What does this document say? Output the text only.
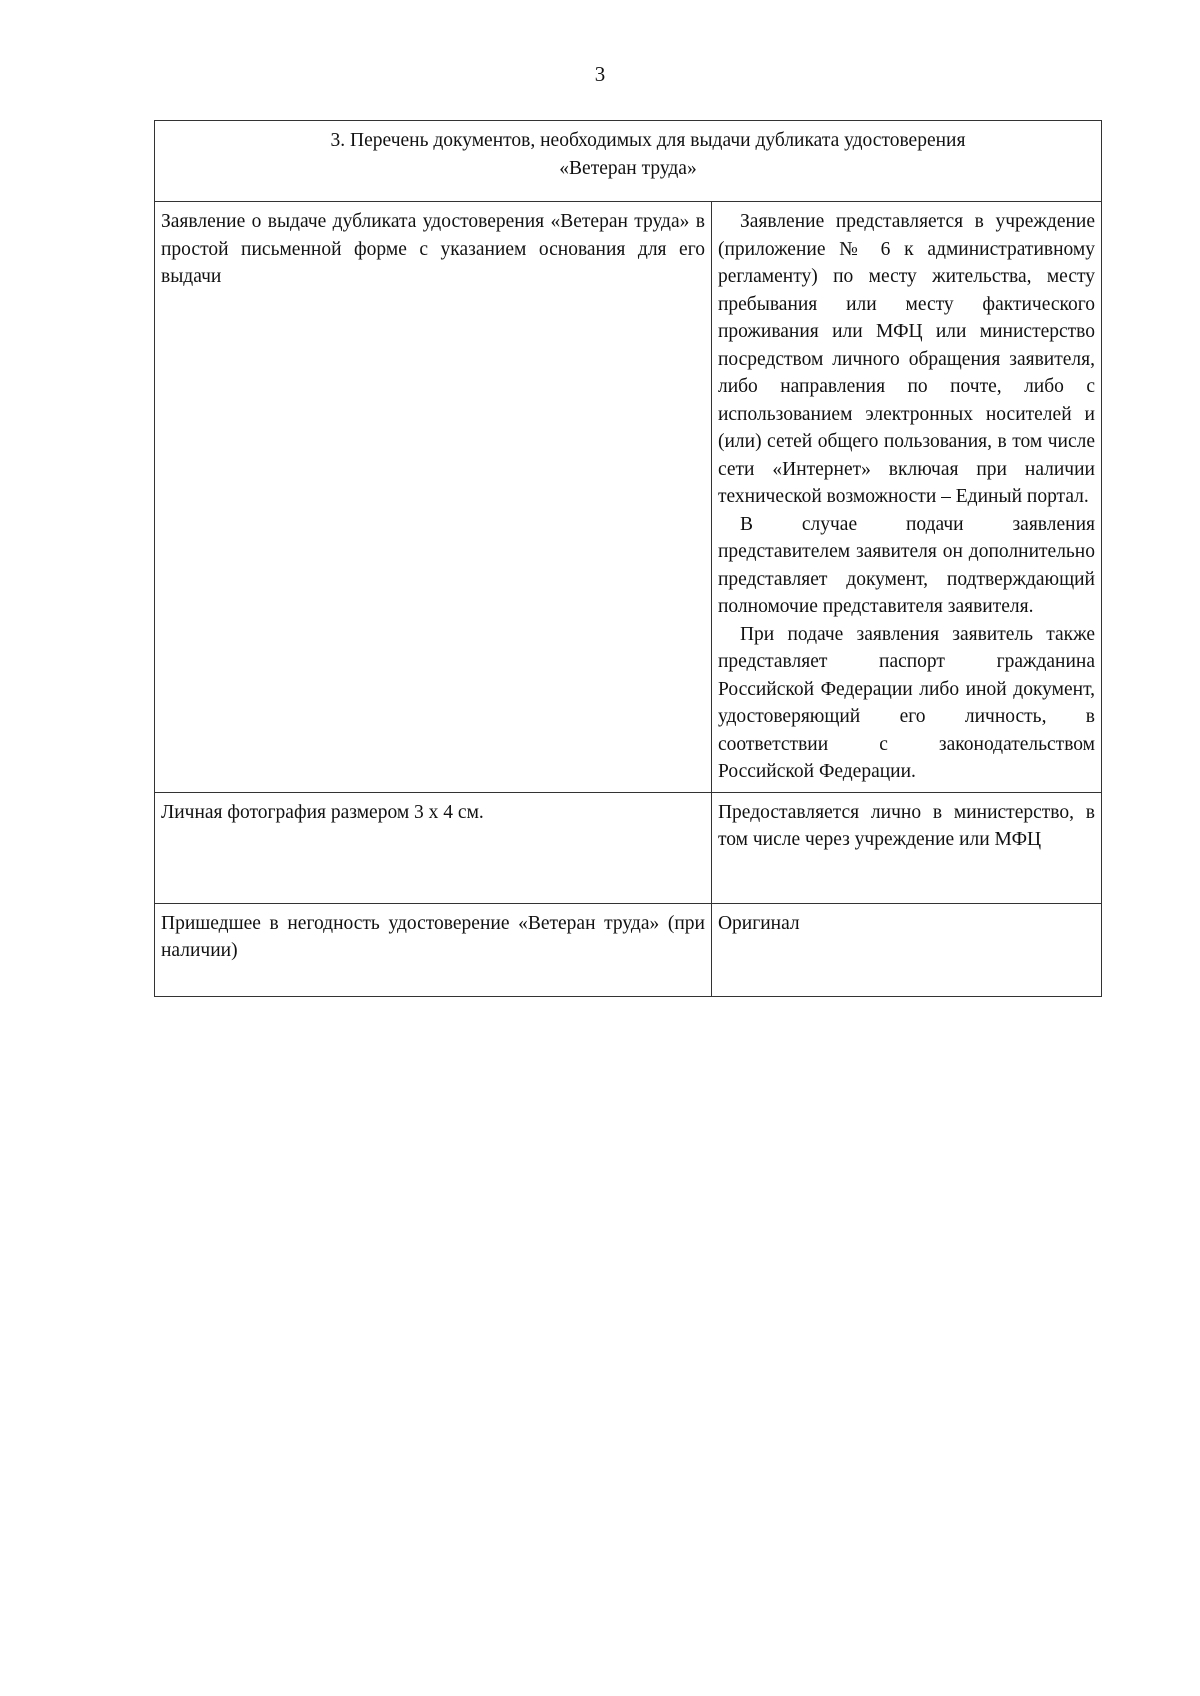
3
3. Перечень документов, необходимых для выдачи дубликата удостоверения
«Ветеран труда»	
Заявление о выдаче дубликата удостоверения «Ветеран труда» в простой письменной форме с указанием основания для его выдачи	Заявление представляется в учреждение (приложение № 6 к административному регламенту) по месту жительства, месту пребывания или месту фактического проживания или МФЦ или министерство посредством личного обращения заявителя, либо направления по почте, либо с использованием электронных носителей и (или) сетей общего пользования, в том числе сети «Интернет» включая при наличии технической возможности – Единый портал.
В случае подачи заявления представителем заявителя он дополнительно представляет документ, подтверждающий полномочие представителя заявителя.
При подаче заявления заявитель также представляет паспорт гражданина Российской Федерации либо иной документ, удостоверяющий его личность, в соответствии с законодательством Российской Федерации.

Личная фотография размером 3 х 4 см.	Предоставляется лично в министерство, в том числе через учреждение или МФЦ
Пришедшее в негодность удостоверение «Ветеран труда» (при наличии)	Оригинал
